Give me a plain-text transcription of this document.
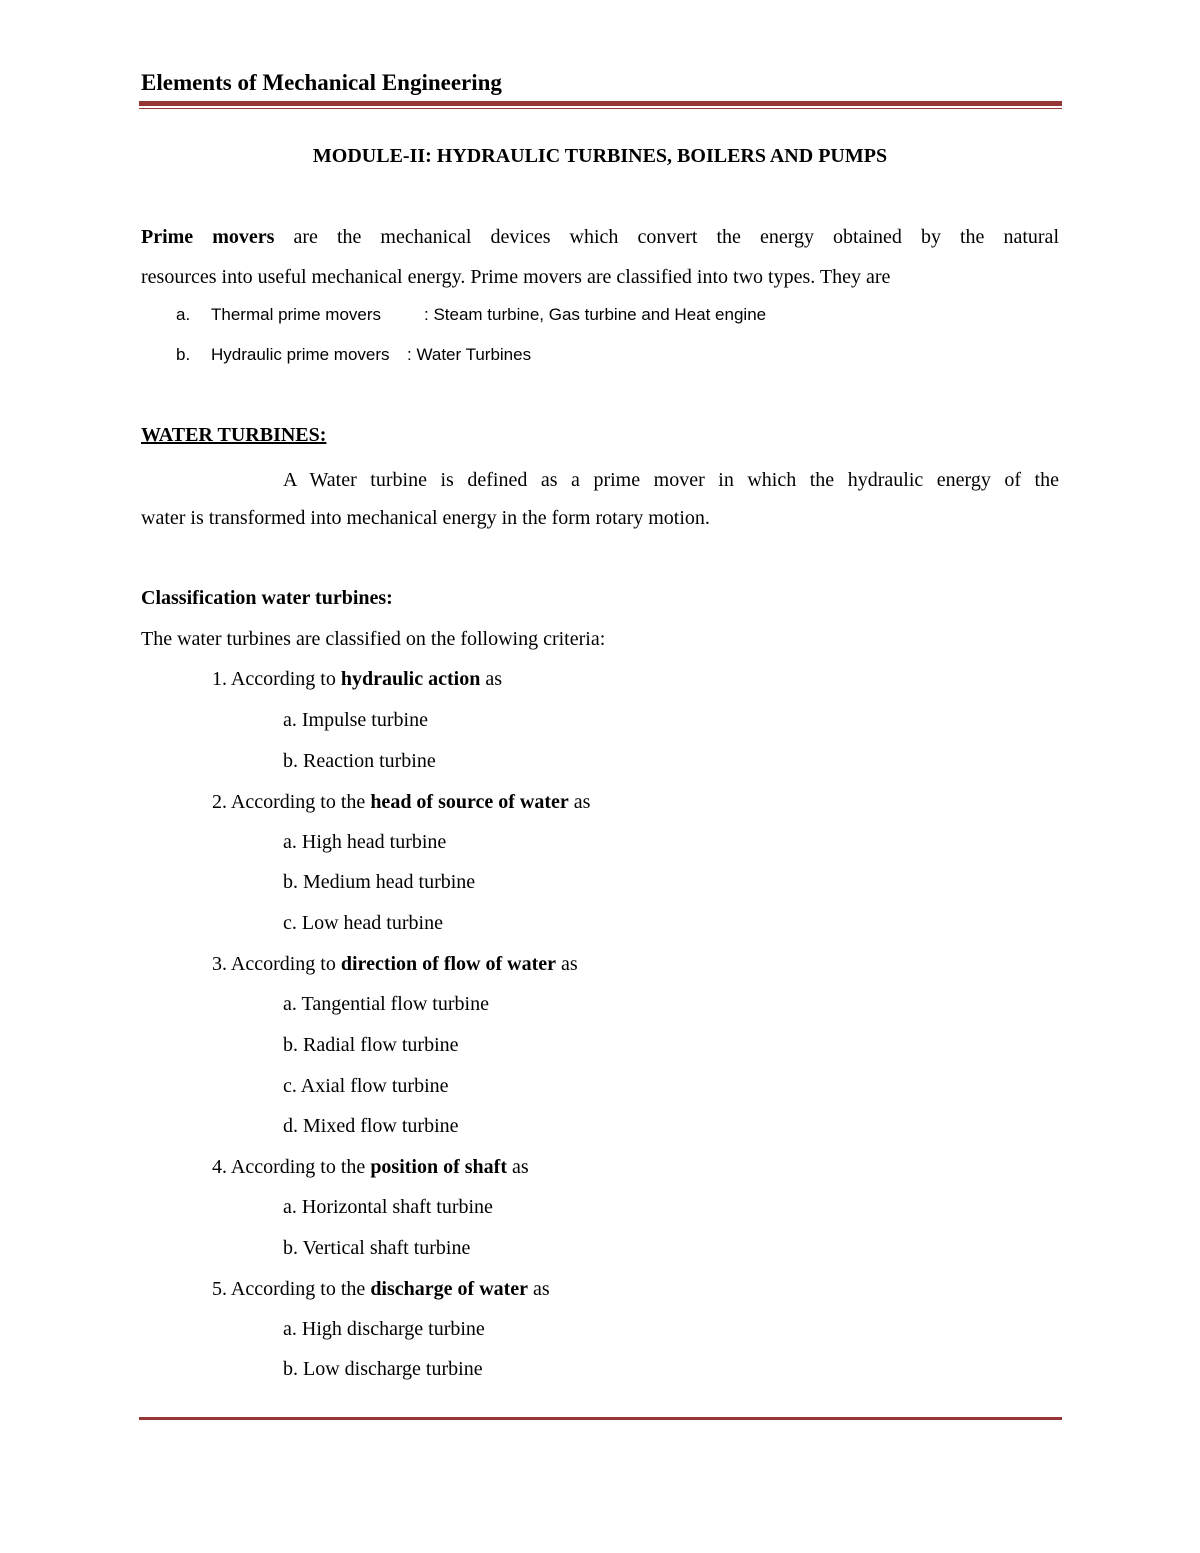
Elements of Mechanical Engineering
MODULE-II: HYDRAULIC TURBINES, BOILERS AND PUMPS
Prime movers are the mechanical devices which convert the energy obtained by the natural
resources into useful mechanical energy. Prime movers are classified into two types. They are
a. Thermal prime movers	: Steam turbine, Gas turbine and Heat engine
b. Hydraulic prime movers : Water Turbines
WATER TURBINES:
A Water turbine is defined as a prime mover in which the hydraulic energy of the
water is transformed into mechanical energy in the form rotary motion.
Classification water turbines:
The water turbines are classified on the following criteria:
1. According to hydraulic action as
a. Impulse turbine
b. Reaction turbine
2. According to the head of source of water as
a. High head turbine
b. Medium head turbine
c. Low head turbine
3. According to direction of flow of water as
a. Tangential flow turbine
b. Radial flow turbine
c. Axial flow turbine
d. Mixed flow turbine
4. According to the position of shaft as
a. Horizontal shaft turbine
b. Vertical shaft turbine
5. According to the discharge of water as
a. High discharge turbine
b. Low discharge turbine
